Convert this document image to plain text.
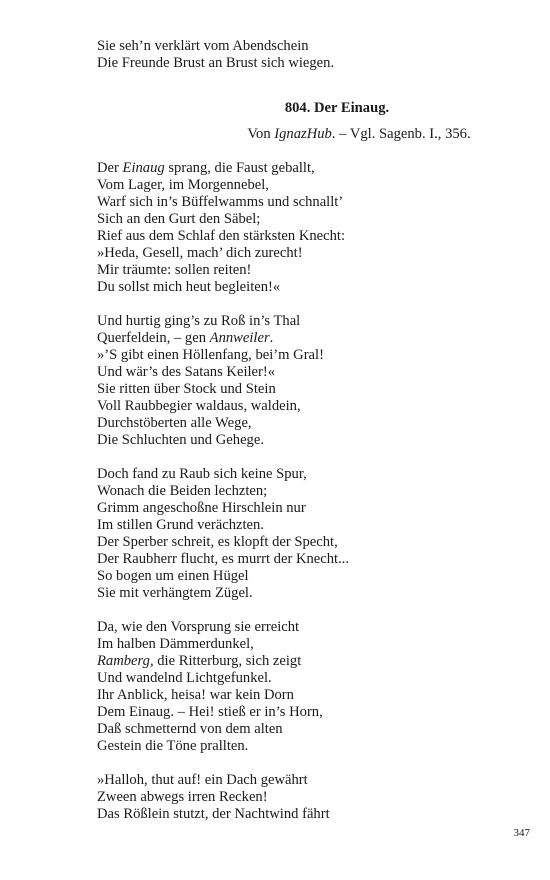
Sie seh’n verklärt vom Abendschein
Die Freunde Brust an Brust sich wiegen.
804. Der Einaug.
Von IgnazHub. – Vgl. Sagenb. I., 356.
Der Einaug sprang, die Faust geballt,
Vom Lager, im Morgennebel,
Warf sich in’s Büffelwamms und schnallt’
Sich an den Gurt den Säbel;
Rief aus dem Schlaf den stärksten Knecht:
»Heda, Gesell, mach’ dich zurecht!
Mir träumte: sollen reiten!
Du sollst mich heut begleiten!«
Und hurtig ging’s zu Roß in’s Thal
Querfeldein, – gen Annweiler.
»’S gibt einen Höllenfang, bei’m Gral!
Und wär’s des Satans Keiler!«
Sie ritten über Stock und Stein
Voll Raubbegier waldaus, waldein,
Durchstöberten alle Wege,
Die Schluchten und Gehege.
Doch fand zu Raub sich keine Spur,
Wonach die Beiden lechzten;
Grimm angeschoßne Hirschlein nur
Im stillen Grund verächzten.
Der Sperber schreit, es klopft der Specht,
Der Raubherr flucht, es murrt der Knecht...
So bogen um einen Hügel
Sie mit verhängtem Zügel.
Da, wie den Vorsprung sie erreicht
Im halben Dämmerdunkel,
Ramberg, die Ritterburg, sich zeigt
Und wandelnd Lichtgefunkel.
Ihr Anblick, heisa! war kein Dorn
Dem Einaug. – Hei! stieß er in’s Horn,
Daß schmetternd von dem alten
Gestein die Töne prallten.
»Halloh, thut auf! ein Dach gewährt
Zween abwegs irren Recken!
Das Rößlein stutzt, der Nachtwind fährt
347
